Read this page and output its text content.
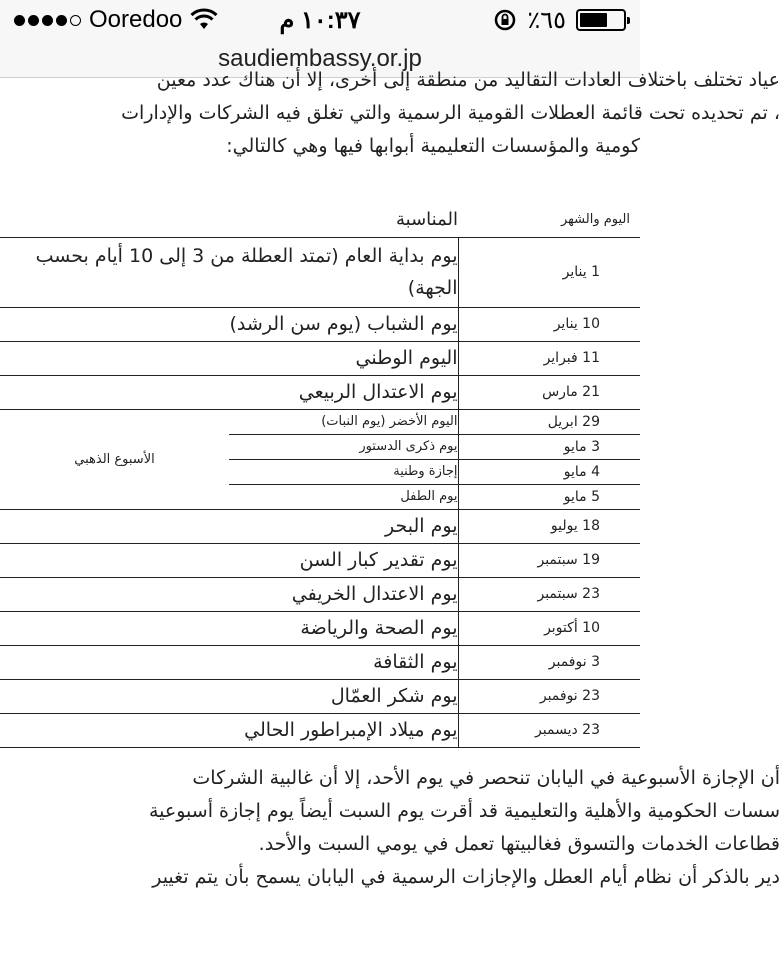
Ooredoo	١٠:٣٧ م	٪٦٥
saudiembassy.or.jp
عياد تختلف باختلاف العادات التقاليد من منطقة إلى أخرى، إلا أن هناك عدد معين
، تم تحديده تحت قائمة العطلات القومية الرسمية والتي تغلق فيه الشركات والإدارات
كومية والمؤسسات التعليمية أبوابها فيها وهي كالتالي:
اليوم والشهر	المناسبة	
1 يناير	يوم بداية العام (تمتد العطلة من 3 إلى 10 أيام بحسب الجهة)	
10 يناير	يوم الشباب (يوم سن الرشد)	
11 فبراير	اليوم الوطني	
21 مارس	يوم الاعتدال الربيعي	
29 ابريل	اليوم الأخضر (يوم النبات)	الأسبوع الذهبي
3 مايو	يوم ذكرى الدستور	
4 مايو	إجازة وطنية	
5 مايو	يوم الطفل	
18 يوليو	يوم البحر	
19 سبتمبر	يوم تقدير كبار السن	
23 سبتمبر	يوم الاعتدال الخريفي	
10 أكتوبر	يوم الصحة والرياضة	
3 نوفمبر	يوم الثقافة	
23 نوفمبر	يوم شكر العمّال	
23 ديسمبر	يوم ميلاد الإمبراطور الحالي	
أن الإجازة الأسبوعية في اليابان تنحصر في يوم الأحد، إلا أن غالبية الشركات
سسات الحكومية والأهلية والتعليمية قد أقرت يوم السبت أيضاً يوم إجازة أسبوعية
قطاعات الخدمات والتسوق فغالبيتها تعمل في يومي السبت والأحد.
دير بالذكر أن نظام أيام العطل والإجازات الرسمية في اليابان يسمح بأن يتم تغيير
